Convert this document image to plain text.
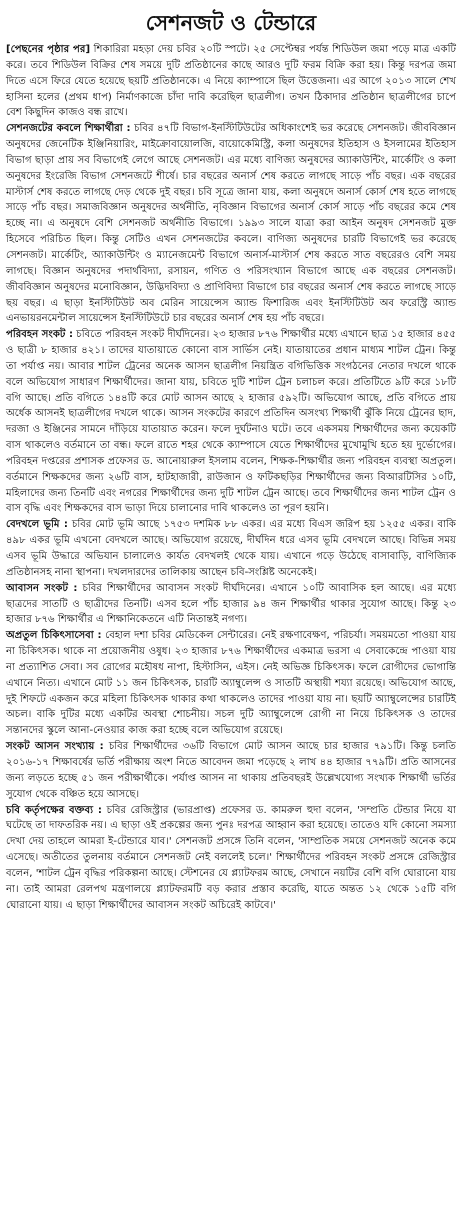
সেশনজট ও টেন্ডারে

[পেছনের পৃষ্ঠার পর] শিকারিরা মহড়া দেয় চবির ২০টি স্পটে। ২৫ সেপ্টেম্বর পর্যন্ত শিডিউল জমা পড়ে মাত্র একটি করে। তবে শিডিউল বিক্রির শেষ সময়ে দুটি প্রতিষ্ঠানের কাছে আরও দুটি ফরম বিক্রি করা হয়। কিন্তু দরপত্র জমা দিতে এসে ফিরে যেতে হয়েছে ছয়টি প্রতিষ্ঠানকে। এ নিয়ে ক্যাম্পাসে ছিল উত্তেজনা। এর আগে ২০১৩ সালে শেখ হাসিনা হলের (প্রথম ধাপ) নির্মাণকাজে চাঁদা দাবি করেছিল ছাত্রলীগ। তখন ঠিকাদার প্রতিষ্ঠান ছাত্রলীগের চাপে বেশ কিছুদিন কাজও বন্ধ রাখে।

সেশনজটের কবলে শিক্ষার্থীরা : চবির ৪৭টি বিভাগ-ইনস্টিটিউটের অধিকাংশেই ভর করেছে সেশনজট। জীববিজ্ঞান অনুষদের জেনেটিক ইঞ্জিনিয়ারিং, মাইক্রোবায়োলজি, বায়োকেমিস্ট্রি, কলা অনুষদের ইতিহাস ও ইসলামের ইতিহাস বিভাগ ছাড়া প্রায় সব বিভাগেই লেগে আছে সেশনজট। এর মধ্যে বাণিজ্য অনুষদের অ্যাকাউন্টিং, মার্কেটিং ও কলা অনুষদের ইংরেজি বিভাগ সেশনজটে শীর্ষে। চার বছরের অনার্স শেষ করতে লাগছে সাড়ে পাঁচ বছর। এক বছরের মাস্টার্স শেষ করতে লাগছে দেড় থেকে দুই বছর। চবি সূত্রে জানা যায়, কলা অনুষদে অনার্স কোর্স শেষ হতে লাগছে সাড়ে পাঁচ বছর। সমাজবিজ্ঞান অনুষদের অর্থনীতি, নৃবিজ্ঞান বিভাগের অনার্স কোর্স সাড়ে পাঁচ বছরের কমে শেষ হচ্ছে না। এ অনুষদে বেশি সেশনজট অর্থনীতি বিভাগে। ১৯৯৩ সালে যাত্রা করা আইন অনুষদ সেশনজট মুক্ত হিসেবে পরিচিত ছিল। কিন্তু সেটিও এখন সেশনজটের কবলে। বাণিজ্য অনুষদের চারটি বিভাগেই ভর করেছে সেশনজট। মার্কেটিং, অ্যাকাউন্টিং ও ম্যানেজমেন্ট বিভাগে অনার্স-মাস্টার্স শেষ করতে সাত বছরেরও বেশি সময় লাগছে। বিজ্ঞান অনুষদের পদার্থবিদ্যা, রসায়ন, গণিত ও পরিসংখ্যান বিভাগে আছে এক বছরের সেশনজট। জীববিজ্ঞান অনুষদের মনোবিজ্ঞান, উদ্ভিদবিদ্যা ও প্রাণিবিদ্যা বিভাগে চার বছরের অনার্স শেষ করতে লাগছে সাড়ে ছয় বছর। এ ছাড়া ইনস্টিটিউট অব মেরিন সায়েন্সেস অ্যান্ড ফিশারিজ এবং ইনস্টিটিউট অব ফরেস্ট্রি অ্যান্ড এনভায়রনমেন্টাল সায়েন্সেস ইনস্টিটিউটে চার বছরের অনার্স শেষ হয় পাঁচ বছরে।

পরিবহন সংকট : চবিতে পরিবহন সংকট দীর্ঘদিনের। ২৩ হাজার ৮৭৬ শিক্ষার্থীর মধ্যে এখানে ছাত্র ১৫ হাজার ৪৫৫ ও ছাত্রী ৮ হাজার ৪২১। তাদের যাতায়াতে কোনো বাস সার্ভিস নেই। যাতায়াতের প্রধান মাধ্যম শাটল ট্রেন। কিন্তু তা পর্যাপ্ত নয়। আবার শাটল ট্রেনের অনেক আসন ছাত্রলীগ নিয়ন্ত্রিত বগিভিত্তিক সংগঠনের নেতার দখলে থাকে বলে অভিযোগ সাধারণ শিক্ষার্থীদের। জানা যায়, চবিতে দুটি শাটল ট্রেন চলাচল করে। প্রতিটিতে ৯টি করে ১৮টি বগি আছে। প্রতি বগিতে ১৪৪টি করে মোট আসন আছে ২ হাজার ৫৯২টি। অভিযোগ আছে, প্রতি বগিতে প্রায় অর্ধেক আসনই ছাত্রলীগের দখলে থাকে। আসন সংকটের কারণে প্রতিদিন অসংখ্য শিক্ষার্থী ঝুঁকি নিয়ে ট্রেনের ছাদ, দরজা ও ইঞ্জিনের সামনে দাঁড়িয়ে যাতায়াত করেন। ফলে দুর্ঘটনাও ঘটে। তবে একসময় শিক্ষার্থীদের জন্য কয়েকটি বাস থাকলেও বর্তমানে তা বন্ধ। ফলে রাতে শহর থেকে ক্যাম্পাসে যেতে শিক্ষার্থীদের মুখোমুখি হতে হয় দুর্ভোগের। পরিবহন দপ্তরের প্রশাসক প্রফেসর ড. আনোয়ারুল ইসলাম বলেন, শিক্ষক-শিক্ষার্থীর জন্য পরিবহন ব্যবস্থা অপ্রতুল। বর্তমানে শিক্ষকদের জন্য ২৬টি বাস, হাটহাজারী, রাউজান ও ফটিকছড়ির শিক্ষার্থীদের জন্য বিআরটিসির ১০টি, মহিলাদের জন্য তিনটি এবং নগরের শিক্ষার্থীদের জন্য দুটি শাটল ট্রেন আছে। তবে শিক্ষার্থীদের জন্য শাটল ট্রেন ও বাস বৃদ্ধি এবং শিক্ষকদের বাস ভাড়া দিয়ে চালানোর দাবি থাকলেও তা পূরণ হয়নি।

বেদখলে ভূমি : চবির মোট ভূমি আছে ১৭৫৩ দশমিক ৮৮ একর। এর মধ্যে বিএস জরিপ হয় ১২৫৫ একর। বাকি ৪৯৮ একর ভূমি এখনো বেদখলে আছে। অভিযোগ রয়েছে, দীর্ঘদিন ধরে এসব ভূমি বেদখলে আছে। বিভিন্ন সময় এসব ভূমি উদ্ধারে অভিযান চালালেও কার্যত বেদখলই থেকে যায়। এখানে গড়ে উঠেছে বাসাবাড়ি, বাণিজ্যিক প্রতিষ্ঠানসহ নানা স্থাপনা। দখলদারদের তালিকায় আছেন চবি-সংশ্লিষ্ট অনেকেই।

আবাসন সংকট : চবির শিক্ষার্থীদের আবাসন সংকট দীর্ঘদিনের। এখানে ১০টি আবাসিক হল আছে। এর মধ্যে ছাত্রদের সাতটি ও ছাত্রীদের তিনটি। এসব হলে পাঁচ হাজার ৯৪ জন শিক্ষার্থীর থাকার সুযোগ আছে। কিন্তু ২৩ হাজার ৮৭৬ শিক্ষার্থীর এ শিক্ষানিকেতনে এটি নিতান্তই নগণ্য।

অপ্রতুল চিকিৎসাসেবা : বেহাল দশা চবির মেডিকেল সেন্টারের। নেই রক্ষণাবেক্ষণ, পরিচর্যা। সময়মতো পাওয়া যায় না চিকিৎসক। থাকে না প্রয়োজনীয় ওষুধ। ২৩ হাজার ৮৭৬ শিক্ষার্থীদের একমাত্র ভরসা এ সেবাকেন্দ্রে পাওয়া যায় না প্রত্যাশিত সেবা। সব রোগের মহৌষধ নাপা, হিস্টাসিন, এইস। নেই অভিজ্ঞ চিকিৎসক। ফলে রোগীদের ভোগান্তি এখানে নিত্য। এখানে মোট ১১ জন চিকিৎসক, চারটি অ্যাম্বুলেন্স ও সাতটি অস্থায়ী শয্যা রয়েছে। অভিযোগ আছে, দুই শিফটে একজন করে মহিলা চিকিৎসক থাকার কথা থাকলেও তাদের পাওয়া যায় না। ছয়টি অ্যাম্বুলেন্সের চারটিই অচল। বাকি দুটির মধ্যে একটির অবস্থা শোচনীয়। সচল দুটি অ্যাম্বুলেন্সে রোগী না নিয়ে চিকিৎসক ও তাদের সন্তানদের স্কুলে আনা-নেওয়ার কাজ করা হচ্ছে বলে অভিযোগ রয়েছে।

সংকট আসন সংখ্যায় : চবির শিক্ষার্থীদের ৩৬টি বিভাগে মোট আসন আছে চার হাজার ৭৯১টি। কিন্তু চলতি ২০১৬-১৭ শিক্ষাবর্ষের ভর্তি পরীক্ষায় অংশ নিতে আবেদন জমা পড়েছে ২ লাখ ৪৪ হাজার ৭৭৯টি। প্রতি আসনের জন্য লড়তে হচ্ছে ৫১ জন পরীক্ষার্থীকে। পর্যাপ্ত আসন না থাকায় প্রতিবছরই উল্লেখযোগ্য সংখ্যক শিক্ষার্থী ভর্তির সুযোগ থেকে বঞ্চিত হয়ে আসছে।

চবি কর্তৃপক্ষের বক্তব্য : চবির রেজিস্ট্রার (ভারপ্রাপ্ত) প্রফেসর ড. কামরুল হুদা বলেন, 'সম্প্রতি টেন্ডার নিয়ে যা ঘটেছে তা দাফতরিক নয়। এ ছাড়া ওই প্রকল্পের জন্য পুনঃ দরপত্র আহ্বান করা হয়েছে। তাতেও যদি কোনো সমস্যা দেখা দেয় তাহলে আমরা ই-টেন্ডারে যাব।' সেশনজট প্রসঙ্গে তিনি বলেন, 'সাম্প্রতিক সময়ে সেশনজট অনেক কমে এসেছে। অতীতের তুলনায় বর্তমানে সেশনজট নেই বললেই চলে।' শিক্ষার্থীদের পরিবহন সংকট প্রসঙ্গে রেজিস্ট্রার বলেন, 'শাটল ট্রেন বৃদ্ধির পরিকল্পনা আছে। স্টেশনের যে প্ল্যাটফরম আছে, সেখানে নয়টির বেশি বগি ঘোরানো যায় না। তাই আমরা রেলপথ মন্ত্রণালয়ে প্ল্যাটফরমটি বড় করার প্রস্তাব করেছি, যাতে অন্তত ১২ থেকে ১৫টি বগি ঘোরানো যায়। এ ছাড়া শিক্ষার্থীদের আবাসন সংকট অচিরেই কাটবে।'
